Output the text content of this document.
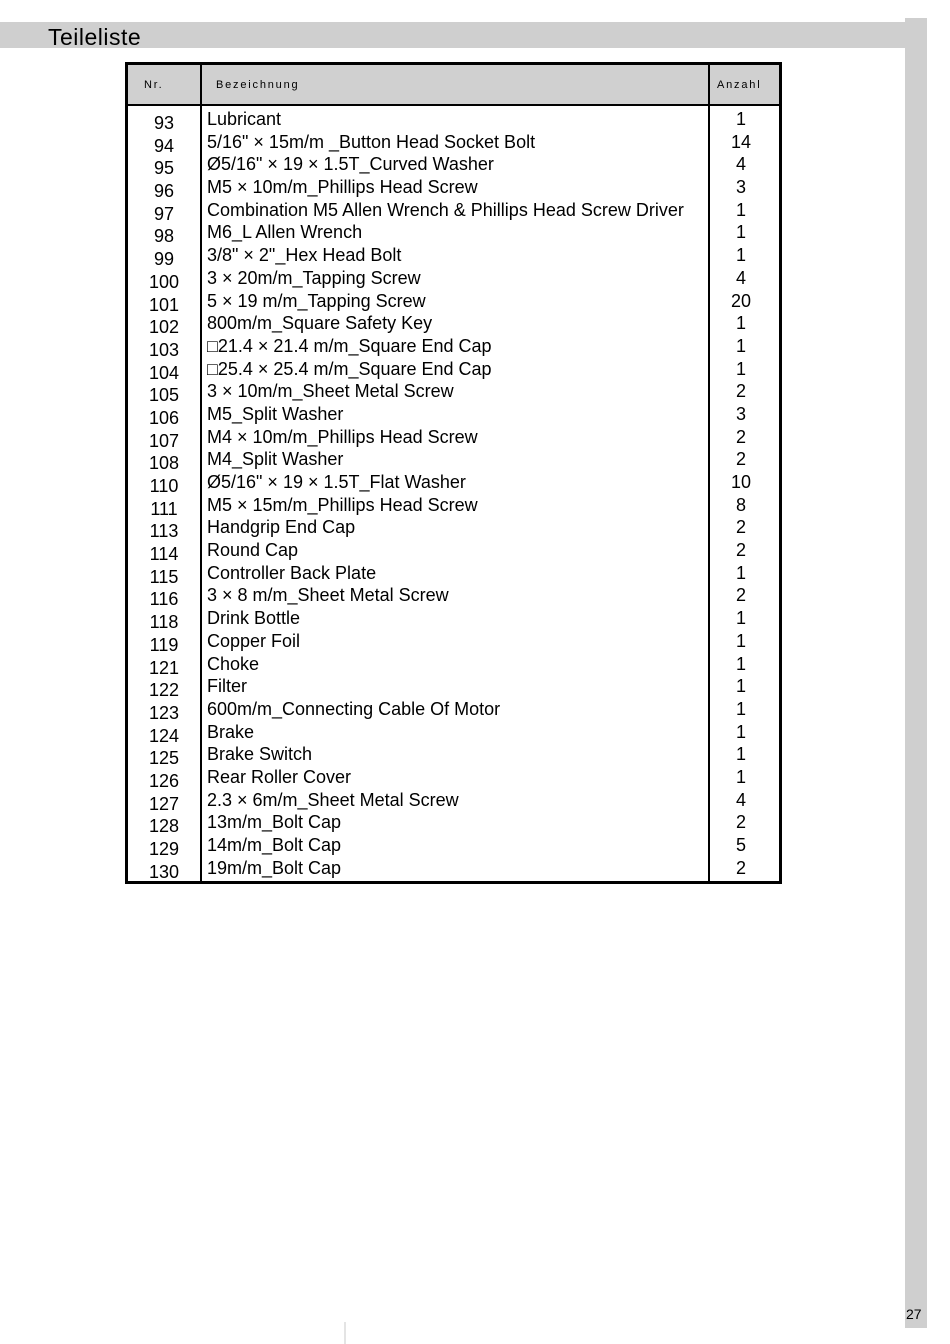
Teileliste
Nr.	Bezeichnung	Anzahl
93	Lubricant	1
94	5/16" × 15m/m _Button Head Socket Bolt	14
95	Ø5/16" × 19 × 1.5T_Curved Washer	4
96	M5 × 10m/m_Phillips Head Screw	3
97	Combination M5 Allen Wrench & Phillips Head Screw Driver	1
98	M6_L Allen Wrench	1
99	3/8" × 2"_Hex Head Bolt	1
100	3 × 20m/m_Tapping Screw	4
101	5 × 19 m/m_Tapping Screw	20
102	800m/m_Square Safety Key	1
103	□21.4 × 21.4 m/m_Square End Cap	1
104	□25.4 × 25.4 m/m_Square End Cap	1
105	3 × 10m/m_Sheet Metal Screw	2
106	M5_Split Washer	3
107	M4 × 10m/m_Phillips Head Screw	2
108	M4_Split Washer	2
110	Ø5/16" × 19 × 1.5T_Flat Washer	10
111	M5 × 15m/m_Phillips Head Screw	8
113	Handgrip End Cap	2
114	Round Cap	2
115	Controller Back Plate	1
116	3 × 8 m/m_Sheet Metal Screw	2
118	Drink Bottle	1
119	Copper Foil	1
121	Choke	1
122	Filter	1
123	600m/m_Connecting Cable Of Motor	1
124	Brake	1
125	Brake Switch	1
126	Rear Roller Cover	1
127	2.3 × 6m/m_Sheet Metal Screw	4
128	13m/m_Bolt Cap	2
129	14m/m_Bolt Cap	5
130	19m/m_Bolt Cap	2
27
